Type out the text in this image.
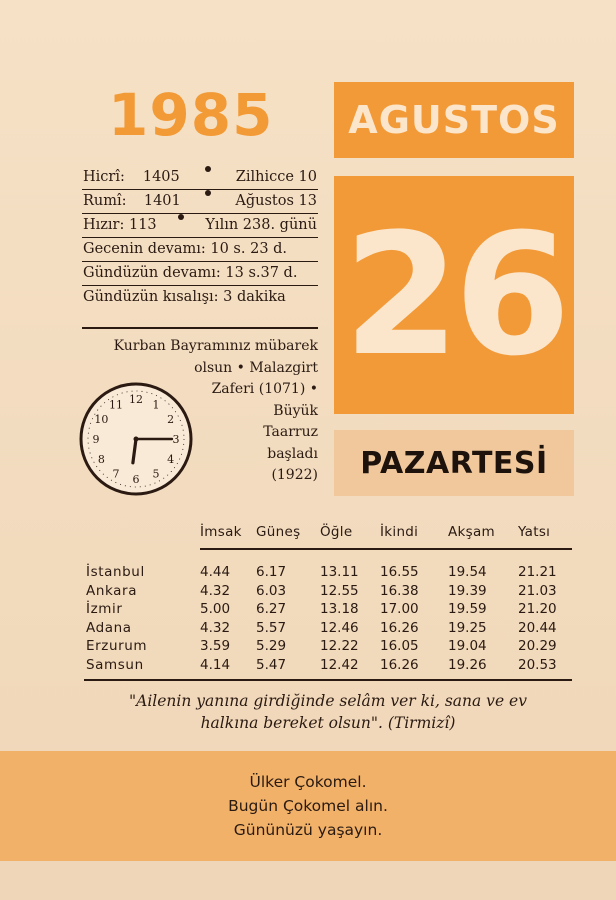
1985 AGUSTOS
26
PAZARTESİ
Hicrî: 1405	Zilhicce 10
Rumî: 1401	Ağustos 13
Hızır: 113	Yılın 238. günü
Gecenin devamı: 10 s. 23 d.
Gündüzün devamı: 13 s.37 d.
Gündüzün kısalışı: 3 dakika
Kurban Bayramınız mübarek
olsun • Malazgirt
Zaferi (1071) •
Büyük
Taarruz
başladı
(1922)
12 1
2
3
4
5
6
7
8
9
10
11
İmsak Güneş Öğle İkindi Akşam Yatsı
İstanbul	4.44 6.17	13.11 16.55 19.54 21.21
Ankara	4.32 6.03	12.55 16.38 19.39 21.03
İzmir	5.00 6.27	13.18 17.00 19.59 21.20
Adana	4.32 5.57	12.46 16.26 19.25 20.44
Erzurum	3.59 5.29	12.22 16.05 19.04 20.29
Samsun	4.14 5.47	12.42 16.26 19.26 20.53
"Ailenin yanına girdiğinde selâm ver ki, sana ve ev
halkına bereket olsun". (Tirmizî)
Ülker Çokomel.
Bugün Çokomel alın.
Gününüzü yaşayın.
